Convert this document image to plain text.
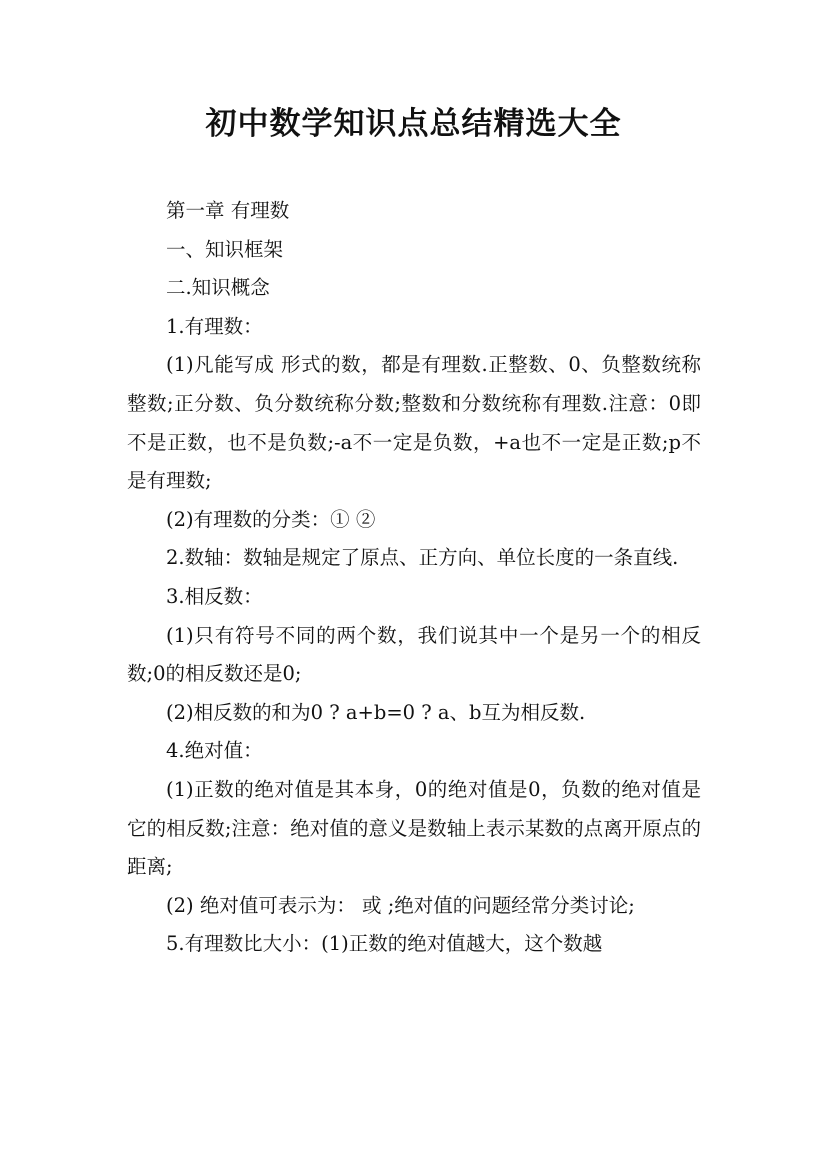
初中数学知识点总结精选大全

第一章 有理数

一、知识框架

二.知识概念

1.有理数：

(1)凡能写成 形式的数，都是有理数.正整数、0、负整数统称整数;正分数、负分数统称分数;整数和分数统称有理数.注意：0即不是正数，也不是负数;-a不一定是负数，+a也不一定是正数;p不是有理数;

(2)有理数的分类：① ②

2.数轴：数轴是规定了原点、正方向、单位长度的一条直线.

3.相反数：

(1)只有符号不同的两个数，我们说其中一个是另一个的相反数;0的相反数还是0;

(2)相反数的和为0 ? a+b=0 ? a、b互为相反数.

4.绝对值：

(1)正数的绝对值是其本身，0的绝对值是0，负数的绝对值是它的相反数;注意：绝对值的意义是数轴上表示某数的点离开原点的距离;

(2) 绝对值可表示为： 或 ;绝对值的问题经常分类讨论;

5.有理数比大小：(1)正数的绝对值越大，这个数越
